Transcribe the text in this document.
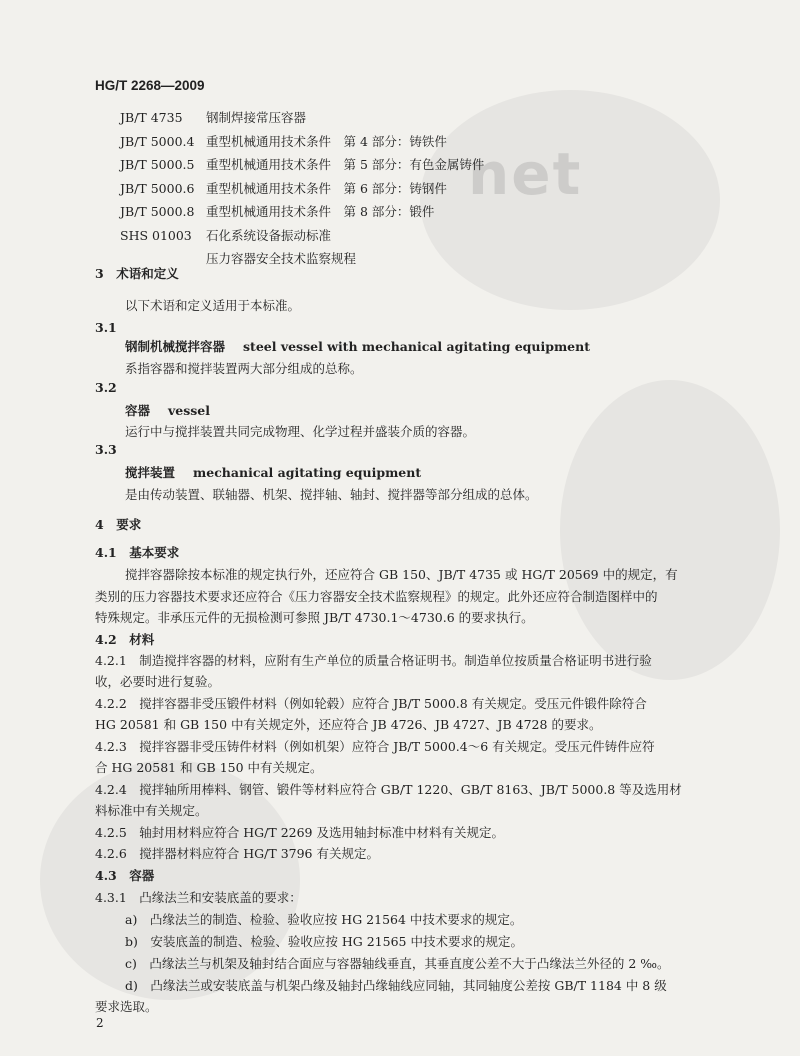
net
HG/T 2268—2009
JB/T 4735 钢制焊接常压容器
JB/T 5000.4 重型机械通用技术条件　第 4 部分：铸铁件
JB/T 5000.5 重型机械通用技术条件　第 5 部分：有色金属铸件
JB/T 5000.6 重型机械通用技术条件　第 6 部分：铸钢件
JB/T 5000.8 重型机械通用技术条件　第 8 部分：锻件
SHS 01003 石化系统设备振动标准
压力容器安全技术监察规程
3　术语和定义
以下术语和定义适用于本标准。
3.1
钢制机械搅拌容器 steel vessel with mechanical agitating equipment
系指容器和搅拌装置两大部分组成的总称。
3.2
容器 vessel
运行中与搅拌装置共同完成物理、化学过程并盛装介质的容器。
3.3
搅拌装置 mechanical agitating equipment
是由传动装置、联轴器、机架、搅拌轴、轴封、搅拌器等部分组成的总体。
4　要求
4.1　基本要求
搅拌容器除按本标准的规定执行外，还应符合 GB 150、JB/T 4735 或 HG/T 20569 中的规定，有
类别的压力容器技术要求还应符合《压力容器安全技术监察规程》的规定。此外还应符合制造图样中的
特殊规定。非承压元件的无损检测可参照 JB/T 4730.1～4730.6 的要求执行。
4.2　材料
4.2.1　制造搅拌容器的材料，应附有生产单位的质量合格证明书。制造单位按质量合格证明书进行验
收，必要时进行复验。
4.2.2　搅拌容器非受压锻件材料（例如轮毂）应符合 JB/T 5000.8 有关规定。受压元件锻件除符合
HG 20581 和 GB 150 中有关规定外，还应符合 JB 4726、JB 4727、JB 4728 的要求。
4.2.3　搅拌容器非受压铸件材料（例如机架）应符合 JB/T 5000.4～6 有关规定。受压元件铸件应符
合 HG 20581 和 GB 150 中有关规定。
4.2.4　搅拌轴所用棒料、钢管、锻件等材料应符合 GB/T 1220、GB/T 8163、JB/T 5000.8 等及选用材
料标准中有关规定。
4.2.5　轴封用材料应符合 HG/T 2269 及选用轴封标准中材料有关规定。
4.2.6　搅拌器材料应符合 HG/T 3796 有关规定。
4.3　容器
4.3.1　凸缘法兰和安装底盖的要求：
a)　凸缘法兰的制造、检验、验收应按 HG 21564 中技术要求的规定。
b)　安装底盖的制造、检验、验收应按 HG 21565 中技术要求的规定。
c)　凸缘法兰与机架及轴封结合面应与容器轴线垂直，其垂直度公差不大于凸缘法兰外径的 2 ‰。
d)　凸缘法兰或安装底盖与机架凸缘及轴封凸缘轴线应同轴，其同轴度公差按 GB/T 1184 中 8 级
要求选取。
2
